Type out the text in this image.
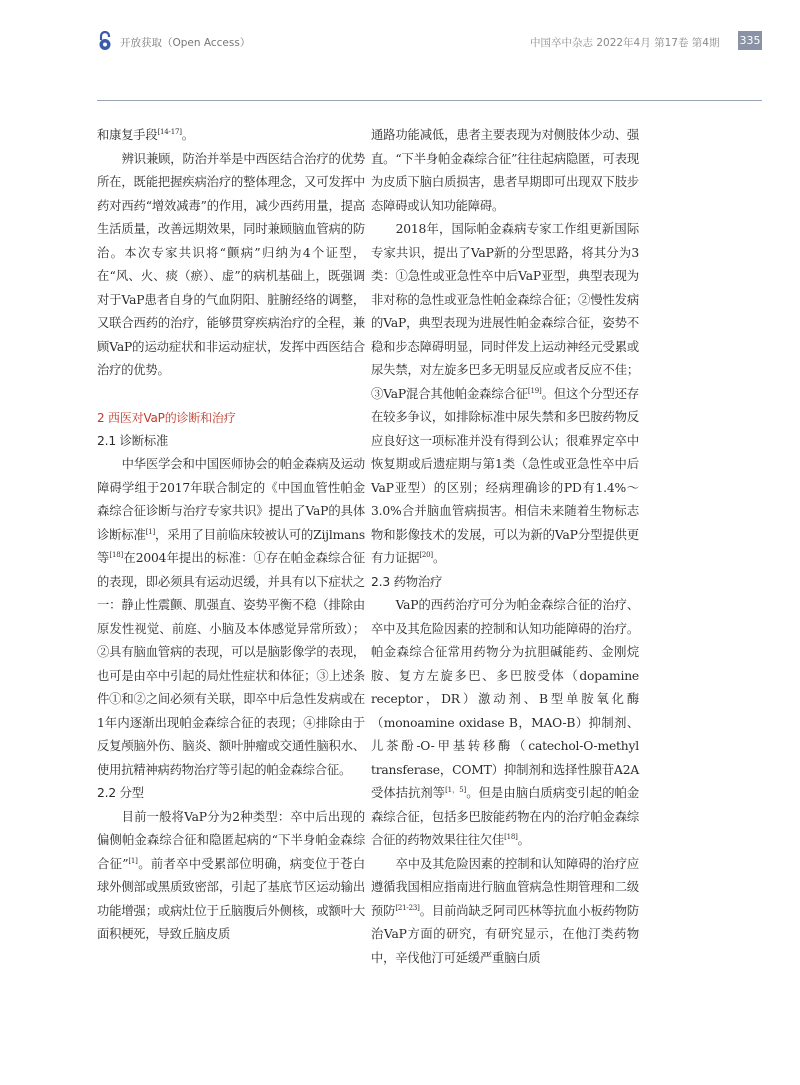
开放获取（Open Access）	中国卒中杂志 2022年4月 第17卷 第4期 335

和康复手段[14-17]。

辨识兼顾，防治并举是中西医结合治疗的优势所在，既能把握疾病治疗的整体理念，又可发挥中药对西药“增效减毒”的作用，减少西药用量，提高生活质量，改善远期效果，同时兼顾脑血管病的防治。本次专家共识将“颤病”归纳为4个证型，在“风、火、痰（瘀）、虚”的病机基础上，既强调对于VaP患者自身的气血阴阳、脏腑经络的调整，又联合西药的治疗，能够贯穿疾病治疗的全程，兼顾VaP的运动症状和非运动症状，发挥中西医结合治疗的优势。

2 西医对VaP的诊断和治疗

2.1 诊断标准

中华医学会和中国医师协会的帕金森病及运动障碍学组于2017年联合制定的《中国血管性帕金森综合征诊断与治疗专家共识》提出了VaP的具体诊断标准[1]，采用了目前临床较被认可的Zijlmans等[18]在2004年提出的标准：①存在帕金森综合征的表现，即必须具有运动迟缓，并具有以下症状之一：静止性震颤、肌强直、姿势平衡不稳（排除由原发性视觉、前庭、小脑及本体感觉异常所致）；②具有脑血管病的表现，可以是脑影像学的表现，也可是由卒中引起的局灶性症状和体征；③上述条件①和②之间必须有关联，即卒中后急性发病或在1年内逐渐出现帕金森综合征的表现；④排除由于反复颅脑外伤、脑炎、额叶肿瘤或交通性脑积水、使用抗精神病药物治疗等引起的帕金森综合征。

2.2 分型

目前一般将VaP分为2种类型：卒中后出现的偏侧帕金森综合征和隐匿起病的“下半身帕金森综合征”[1]。前者卒中受累部位明确，病变位于苍白球外侧部或黑质致密部，引起了基底节区运动输出功能增强；或病灶位于丘脑腹后外侧核，或额叶大面积梗死，导致丘脑皮质

通路功能减低，患者主要表现为对侧肢体少动、强直。“下半身帕金森综合征”往往起病隐匿，可表现为皮质下脑白质损害，患者早期即可出现双下肢步态障碍或认知功能障碍。

2018年，国际帕金森病专家工作组更新国际专家共识，提出了VaP新的分型思路，将其分为3类：①急性或亚急性卒中后VaP亚型，典型表现为非对称的急性或亚急性帕金森综合征；②慢性发病的VaP，典型表现为进展性帕金森综合征，姿势不稳和步态障碍明显，同时伴发上运动神经元受累或尿失禁，对左旋多巴多无明显反应或者反应不佳；③VaP混合其他帕金森综合征[19]。但这个分型还存在较多争议，如排除标准中尿失禁和多巴胺药物反应良好这一项标准并没有得到公认；很难界定卒中恢复期或后遗症期与第1类（急性或亚急性卒中后VaP亚型）的区别；经病理确诊的PD有1.4%～3.0%合并脑血管病损害。相信未来随着生物标志物和影像技术的发展，可以为新的VaP分型提供更有力证据[20]。

2.3 药物治疗

VaP的西药治疗可分为帕金森综合征的治疗、卒中及其危险因素的控制和认知功能障碍的治疗。帕金森综合征常用药物分为抗胆碱能药、金刚烷胺、复方左旋多巴、多巴胺受体（dopamine receptor，DR）激动剂、B型单胺氧化酶（monoamine oxidase B，MAO-B）抑制剂、儿茶酚-O-甲基转移酶（catechol-O-methyl transferase，COMT）抑制剂和选择性腺苷A2A受体拮抗剂等[1，5]。但是由脑白质病变引起的帕金森综合征，包括多巴胺能药物在内的治疗帕金森综合征的药物效果往往欠佳[18]。

卒中及其危险因素的控制和认知障碍的治疗应遵循我国相应指南进行脑血管病急性期管理和二级预防[21-23]。目前尚缺乏阿司匹林等抗血小板药物防治VaP方面的研究，有研究显示，在他汀类药物中，辛伐他汀可延缓严重脑白质
